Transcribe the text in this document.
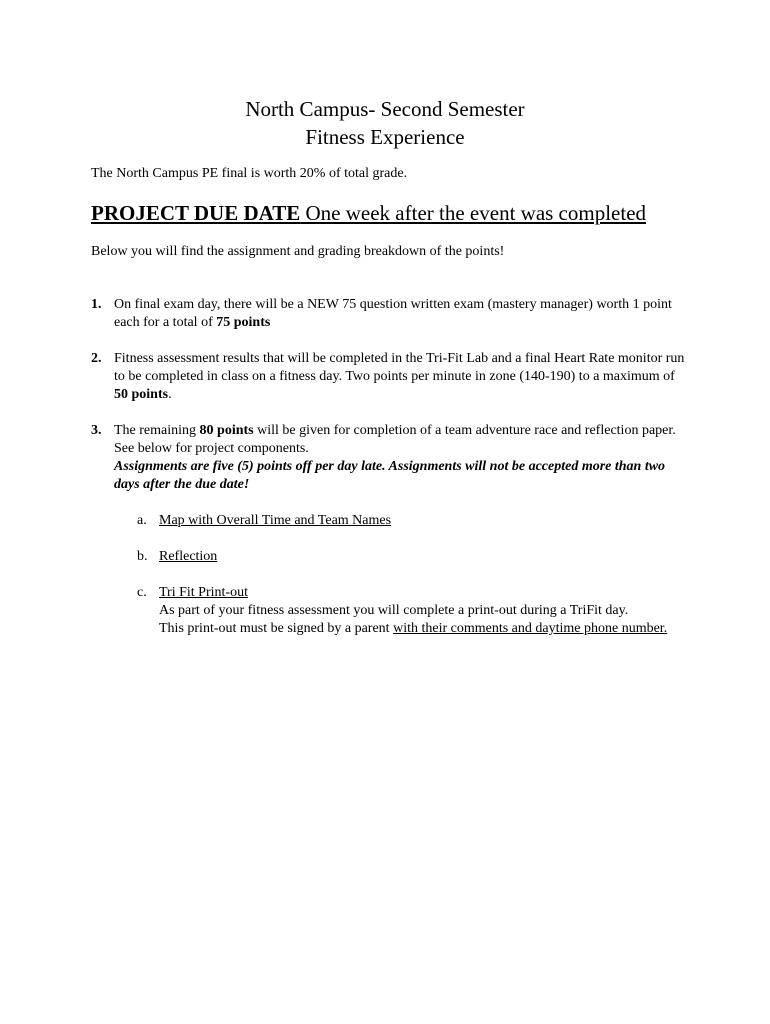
North Campus- Second Semester
Fitness Experience
The North Campus PE final is worth 20% of total grade.
PROJECT DUE DATE One week after the event was completed
Below you will find the assignment and grading breakdown of the points!
1. On final exam day, there will be a NEW 75 question written exam (mastery manager) worth 1 point each for a total of 75 points
2. Fitness assessment results that will be completed in the Tri-Fit Lab and a final Heart Rate monitor run to be completed in class on a fitness day. Two points per minute in zone (140-190) to a maximum of 50 points.
3. The remaining 80 points will be given for completion of a team adventure race and reflection paper. See below for project components.
Assignments are five (5) points off per day late. Assignments will not be accepted more than two days after the due date!
a. Map with Overall Time and Team Names
b. Reflection
c. Tri Fit Print-out
As part of your fitness assessment you will complete a print-out during a TriFit day.
This print-out must be signed by a parent with their comments and daytime phone number.
